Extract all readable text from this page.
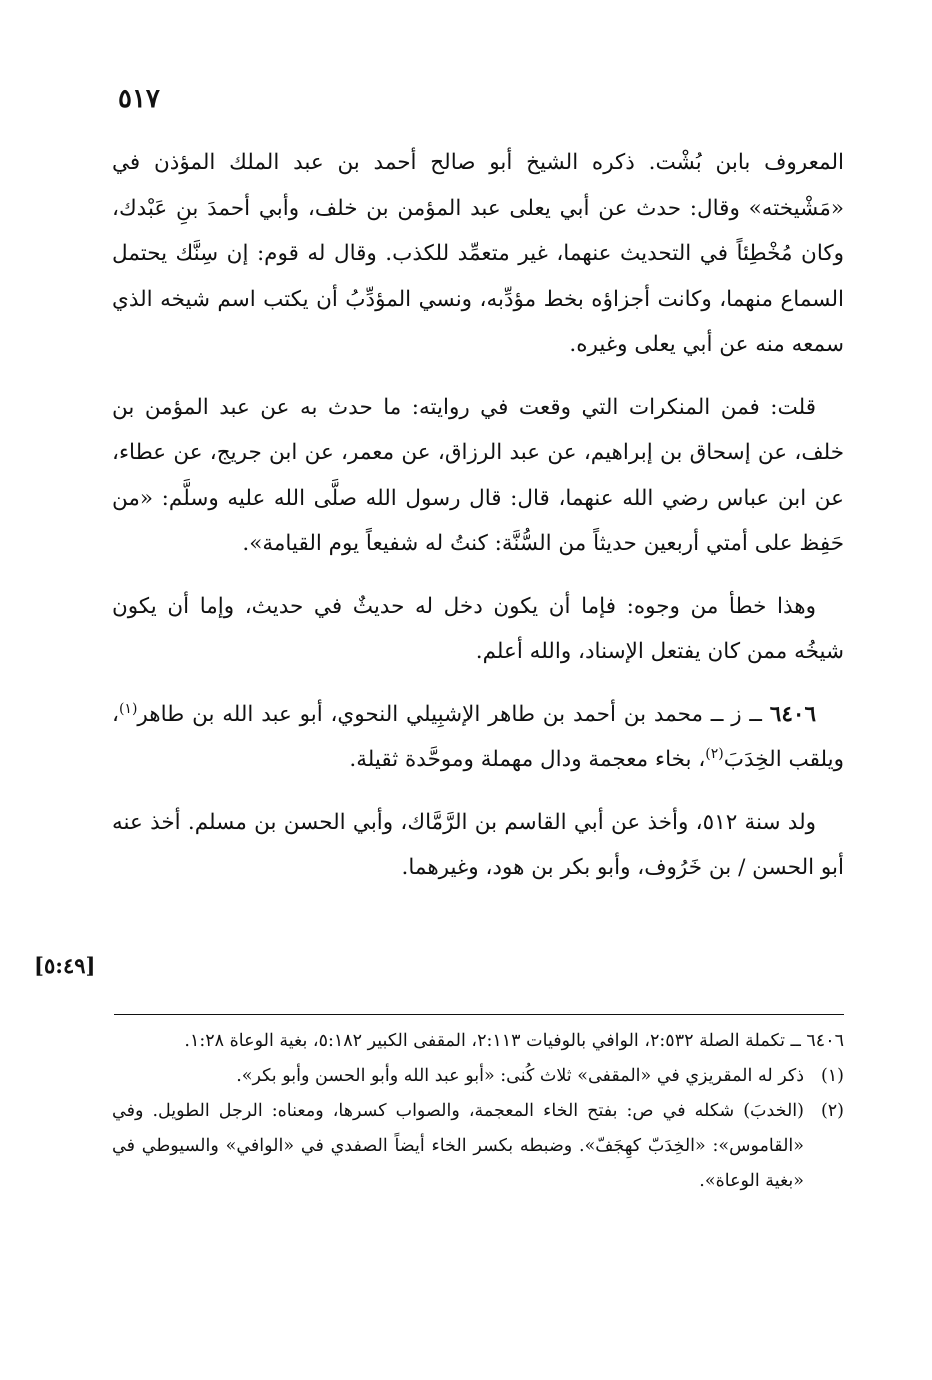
٥١٧

المعروف بابن بُشْت. ذكره الشيخ أبو صالح أحمد بن عبد الملك المؤذن في «مَشْيخته» وقال: حدث عن أبي يعلى عبد المؤمن بن خلف، وأبي أحمدَ بنِ عَبْدك، وكان مُخْطِئاً في التحديث عنهما، غير متعمِّد للكذب. وقال له قوم: إن سِنَّك يحتمل السماع منهما، وكانت أجزاؤه بخط مؤدِّبه، ونسي المؤدِّبُ أن يكتب اسم شيخه الذي سمعه منه عن أبي يعلى وغيره.

قلت: فمن المنكرات التي وقعت في روايته: ما حدث به عن عبد المؤمن بن خلف، عن إسحاق بن إبراهيم، عن عبد الرزاق، عن معمر، عن ابن جريج، عن عطاء، عن ابن عباس رضي الله عنهما، قال: قال رسول الله صلَّى الله عليه وسلَّم: «من حَفِظ على أمتي أربعين حديثاً من السُّنَّة: كنتُ له شفيعاً يوم القيامة».

وهذا خطأ من وجوه: فإما أن يكون دخل له حديثٌ في حديث، وإما أن يكون شيخُه ممن كان يفتعل الإسناد، والله أعلم.

٦٤٠٦ ــ ز ــ محمد بن أحمد بن طاهر الإشبِيلي النحوي، أبو عبد الله بن طاهر$^{(١)}$، ويلقب الخِدَبَ$^{(٢)}$، بخاء معجمة ودال مهملة وموحَّدة ثقيلة.

ولد سنة ٥١٢، وأخذ عن أبي القاسم بن الرَّمَّاك، وأبي الحسن بن مسلم. أخذ عنه أبو الحسن / بن خَرُوف، وأبو بكر بن هود، وغيرهما.

[٥:٤٩]

٦٤٠٦ ــ تكملة الصلة ٢:٥٣٢، الوافي بالوفيات ٢:١١٣، المقفى الكبير ٥:١٨٢، بغية الوعاة ١:٢٨.

(١)ذكر له المقريزي في «المقفى» ثلاث كُنى: «أبو عبد الله وأبو الحسن وأبو بكر».

(٢)(الخدبَ) شكله في ص: بفتح الخاء المعجمة، والصواب كسرها، ومعناه: الرجل الطويل. وفي «القاموس»: «الخِدَبّ كهِجَفّ». وضبطه بكسر الخاء أيضاً الصفدي في «الوافي» والسيوطي في «بغية الوعاة».
